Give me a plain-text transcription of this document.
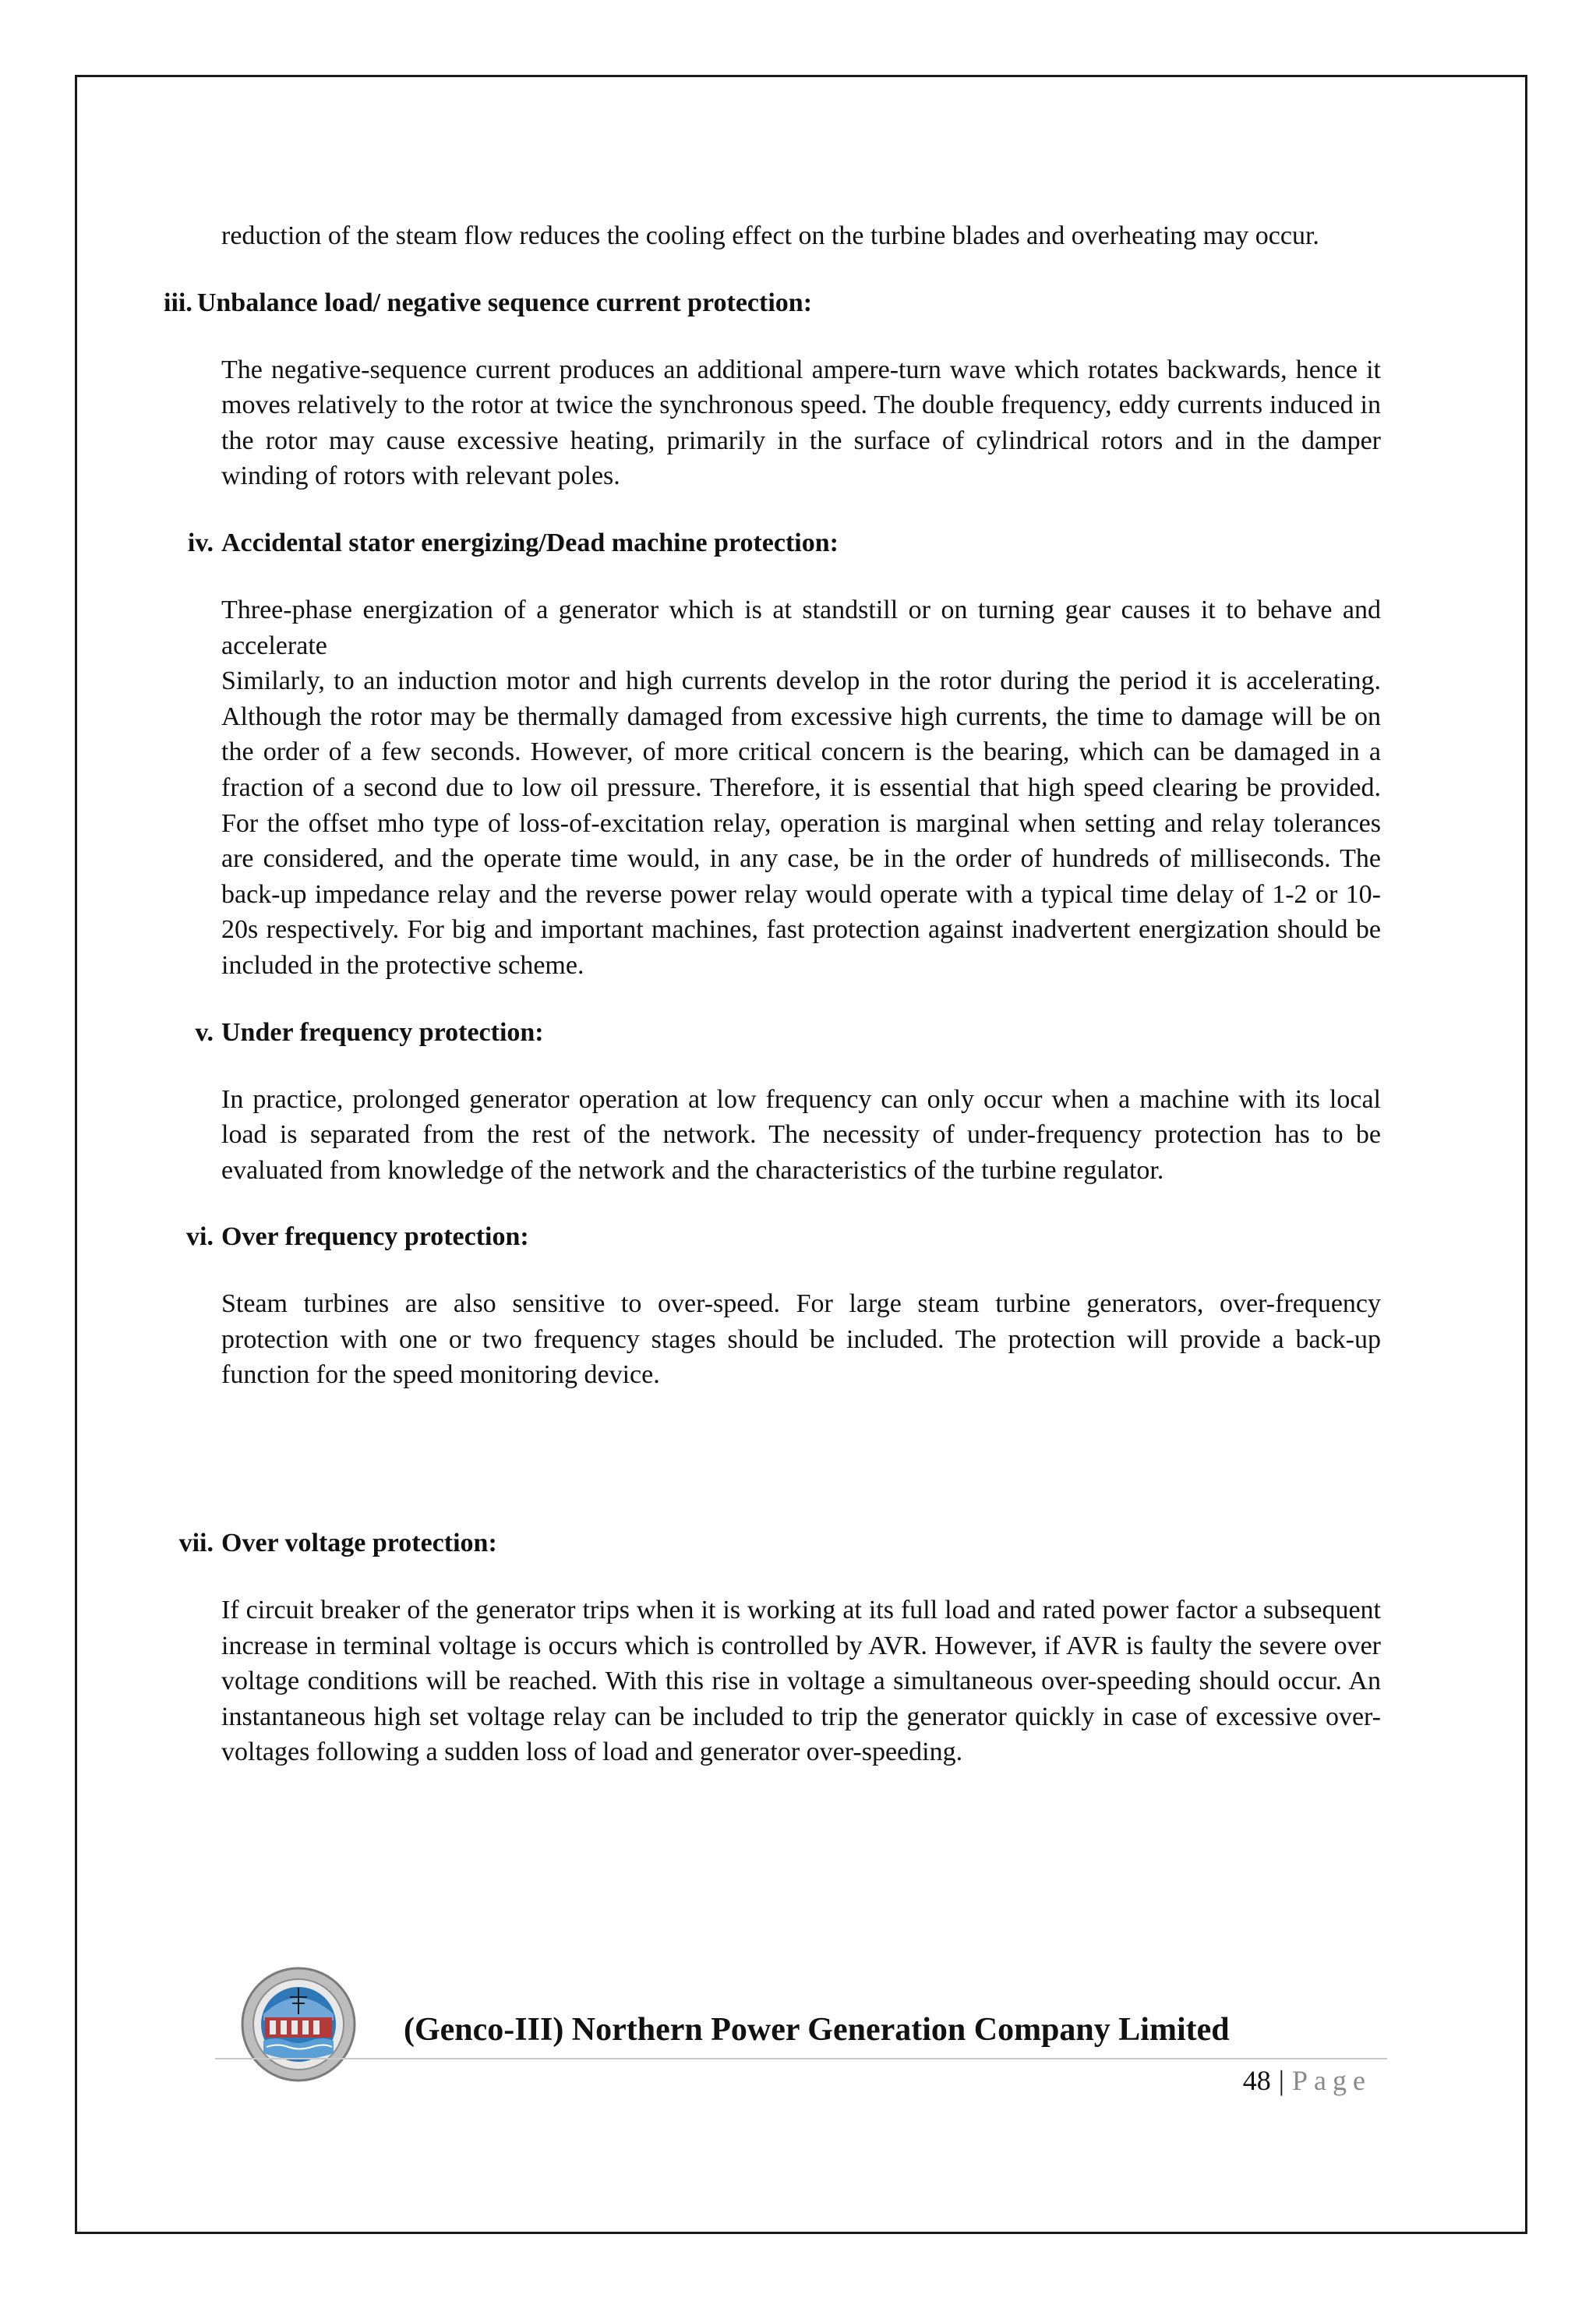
reduction of the steam flow reduces the cooling effect on the turbine blades and overheating may occur.

iii. Unbalance load/ negative sequence current protection:

The negative-sequence current produces an additional ampere-turn wave which rotates backwards, hence it moves relatively to the rotor at twice the synchronous speed. The double frequency, eddy currents induced in the rotor may cause excessive heating, primarily in the surface of cylindrical rotors and in the damper winding of rotors with relevant poles.

iv. Accidental stator energizing/Dead machine protection:

Three-phase energization of a generator which is at standstill or on turning gear causes it to behave and accelerate

Similarly, to an induction motor and high currents develop in the rotor during the period it is accelerating. Although the rotor may be thermally damaged from excessive high currents, the time to damage will be on the order of a few seconds. However, of more critical concern is the bearing, which can be damaged in a fraction of a second due to low oil pressure. Therefore, it is essential that high speed clearing be provided. For the offset mho type of loss-of-excitation relay, operation is marginal when setting and relay tolerances are considered, and the operate time would, in any case, be in the order of hundreds of milliseconds. The back-up impedance relay and the reverse power relay would operate with a typical time delay of 1-2 or 10-20s respectively. For big and important machines, fast protection against inadvertent energization should be included in the protective scheme.

v. Under frequency protection:

In practice, prolonged generator operation at low frequency can only occur when a machine with its local load is separated from the rest of the network. The necessity of under-frequency protection has to be evaluated from knowledge of the network and the characteristics of the turbine regulator.

vi. Over frequency protection:

Steam turbines are also sensitive to over-speed. For large steam turbine generators, over-frequency protection with one or two frequency stages should be included. The protection will provide a back-up function for the speed monitoring device.

vii. Over voltage protection:

If circuit breaker of the generator trips when it is working at its full load and rated power factor a subsequent increase in terminal voltage is occurs which is controlled by AVR. However, if AVR is faulty the severe over voltage conditions will be reached. With this rise in voltage a simultaneous over-speeding should occur. An instantaneous high set voltage relay can be included to trip the generator quickly in case of excessive over-voltages following a sudden loss of load and generator over-speeding.

(Genco-III) Northern Power Generation Company Limited
48 | Page
